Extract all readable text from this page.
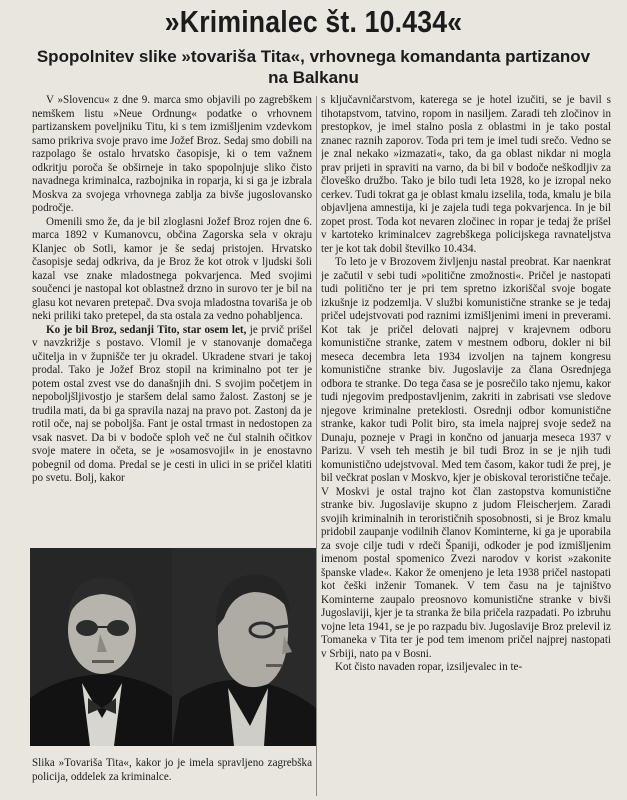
»Kriminalec št. 10.434«
Spopolnitev slike »tovariša Tita«, vrhovnega komandanta partizanov na Balkanu

V »Slovencu« z dne 9. marca smo objavili po zagrebškem nemškem listu »Neue Ordnung« podatke o vrhovnem partizanskem poveljniku Titu, ki s tem izmišljenim vzdevkom samo prikriva svoje pravo ime Jožef Broz. Sedaj smo dobili na razpolago še ostalo hrvatsko časopisje, ki o tem važnem odkritju poroča še obširneje in tako spopolnjuje sliko čisto navadnega kriminalca, razbojnika in roparja, ki si ga je izbrala Moskva za svojega vrhovnega zablja za bivše jugoslovansko področje.

Omenili smo že, da je bil zloglasni Jožef Broz rojen dne 6. marca 1892 v Kumanovcu, občina Zagorska sela v okraju Klanjec ob Sotli, kamor je še sedaj pristojen. Hrvatsko časopisje sedaj odkriva, da je Broz že kot otrok v ljudski šoli kazal vse znake mladostnega pokvarjenca. Med svojimi součenci je nastopal kot oblastnež drzno in surovo ter je bil na glasu kot nevaren pretepač. Dva svoja mladostna tovariša je ob neki priliki tako pretepel, da sta ostala za vedno pohabljenca.

Ko je bil Broz, sedanji Tito, star osem let, je prvič prišel v navzkrižje s postavo. Vlomil je v stanovanje domačega učitelja in v župnišče ter ju okradel. Ukradene stvari je takoj prodal. Tako je Jožef Broz stopil na kriminalno pot ter je potem ostal zvest vse do današnjih dni. S svojim početjem in nepoboljšljivostjo je staršem delal samo žalost. Zastonj se je trudila mati, da bi ga spravila nazaj na pravo pot. Zastonj da je rotil oče, naj se poboljša. Fant je ostal trmast in nedostopen za vsak nasvet. Da bi v bodoče sploh več ne čul stalnih očitkov svoje matere in očeta, se je »osamosvojil« in je enostavno pobegnil od doma. Predal se je cesti in ulici in se pričel klatiti po svetu. Bolj, kakor

s ključavničarstvom, katerega se je hotel izučiti, se je bavil s tihotapstvom, tatvino, ropom in nasiljem. Zaradi teh zločinov in prestopkov, je imel stalno posla z oblastmi in je tako postal znanec raznih zaporov. Toda pri tem je imel tudi srečo. Vedno se je znal nekako »izmazati«, tako, da ga oblast nikdar ni mogla prav prijeti in spraviti na varno, da bi bil v bodoče neškodljiv za človeško družbo. Tako je bilo tudi leta 1928, ko je izropal neko cerkev. Tudi tokrat ga je oblast kmalu izselila, toda, kmalu je bila objavljena amnestija, ki je zajela tudi tega pokvarjenca. In je bil zopet prost. Toda kot nevaren zločinec in ropar je tedaj že prišel v kartoteko kriminalcev zagrebškega policijskega ravnateljstva ter je kot tak dobil številko 10.434.

To leto je v Brozovem življenju nastal preobrat. Kar naenkrat je začutil v sebi tudi »politične zmožnosti«. Pričel je nastopati tudi politično ter je pri tem spretno izkoriščal svoje bogate izkušnje iz podzemlja. V službi komunistične stranke se je tedaj pričel udejstvovati pod raznimi izmišljenimi imeni in preverami. Kot tak je pričel delovati najprej v krajevnem odboru komunistične stranke, zatem v mestnem odboru, dokler ni bil meseca decembra leta 1934 izvoljen na tajnem kongresu komunistične stranke biv. Jugoslavije za člana Osrednjega odbora te stranke. Do tega časa se je posrečilo tako njemu, kakor tudi njegovim predpostavljenim, zakriti in zabrisati vse sledove njegove kriminalne preteklosti. Osrednji odbor komunistične stranke, kakor tudi Polit biro, sta imela najprej svoje sedež na Dunaju, pozneje v Pragi in končno od januarja meseca 1937 v Parizu. V vseh teh mestih je bil tudi Broz in se je njih tudi komunistično udejstvoval. Med tem časom, kakor tudi že prej, je bil večkrat poslan v Moskvo, kjer je obiskoval teroristične tečaje. V Moskvi je ostal trajno kot član zastopstva komunistične stranke biv. Jugoslavije skupno z judom Fleischerjem. Zaradi svojih kriminalnih in terorističnih sposobnosti, si je Broz kmalu pridobil zaupanje vodilnih članov Kominterne, ki ga je uporabila za svoje cilje tudi v rdeči Španiji, odkoder je pod izmišljenim imenom postal spomenico Zvezi narodov v korist »zakonite španske vlade«. Kakor že omenjeno je leta 1938 pričel nastopati kot češki inženir Tomanek. V tem času na je tajništvo Kominterne zaupalo preosnovo komunistične stranke v bivši Jugoslaviji, kjer je ta stranka že bila pričela razpadati. Po izbruhu vojne leta 1941, se je po razpadu biv. Jugoslavije Broz prelevil iz Tomaneka v Tita ter je pod tem imenom pričel najprej nastopati v Srbiji, nato pa v Bosni.

Kot čisto navaden ropar, izsiljevalec in te-

Slika »Tovariša Tita«, kakor jo je imela spravljeno zagrebška policija, oddelek za kriminalce.
